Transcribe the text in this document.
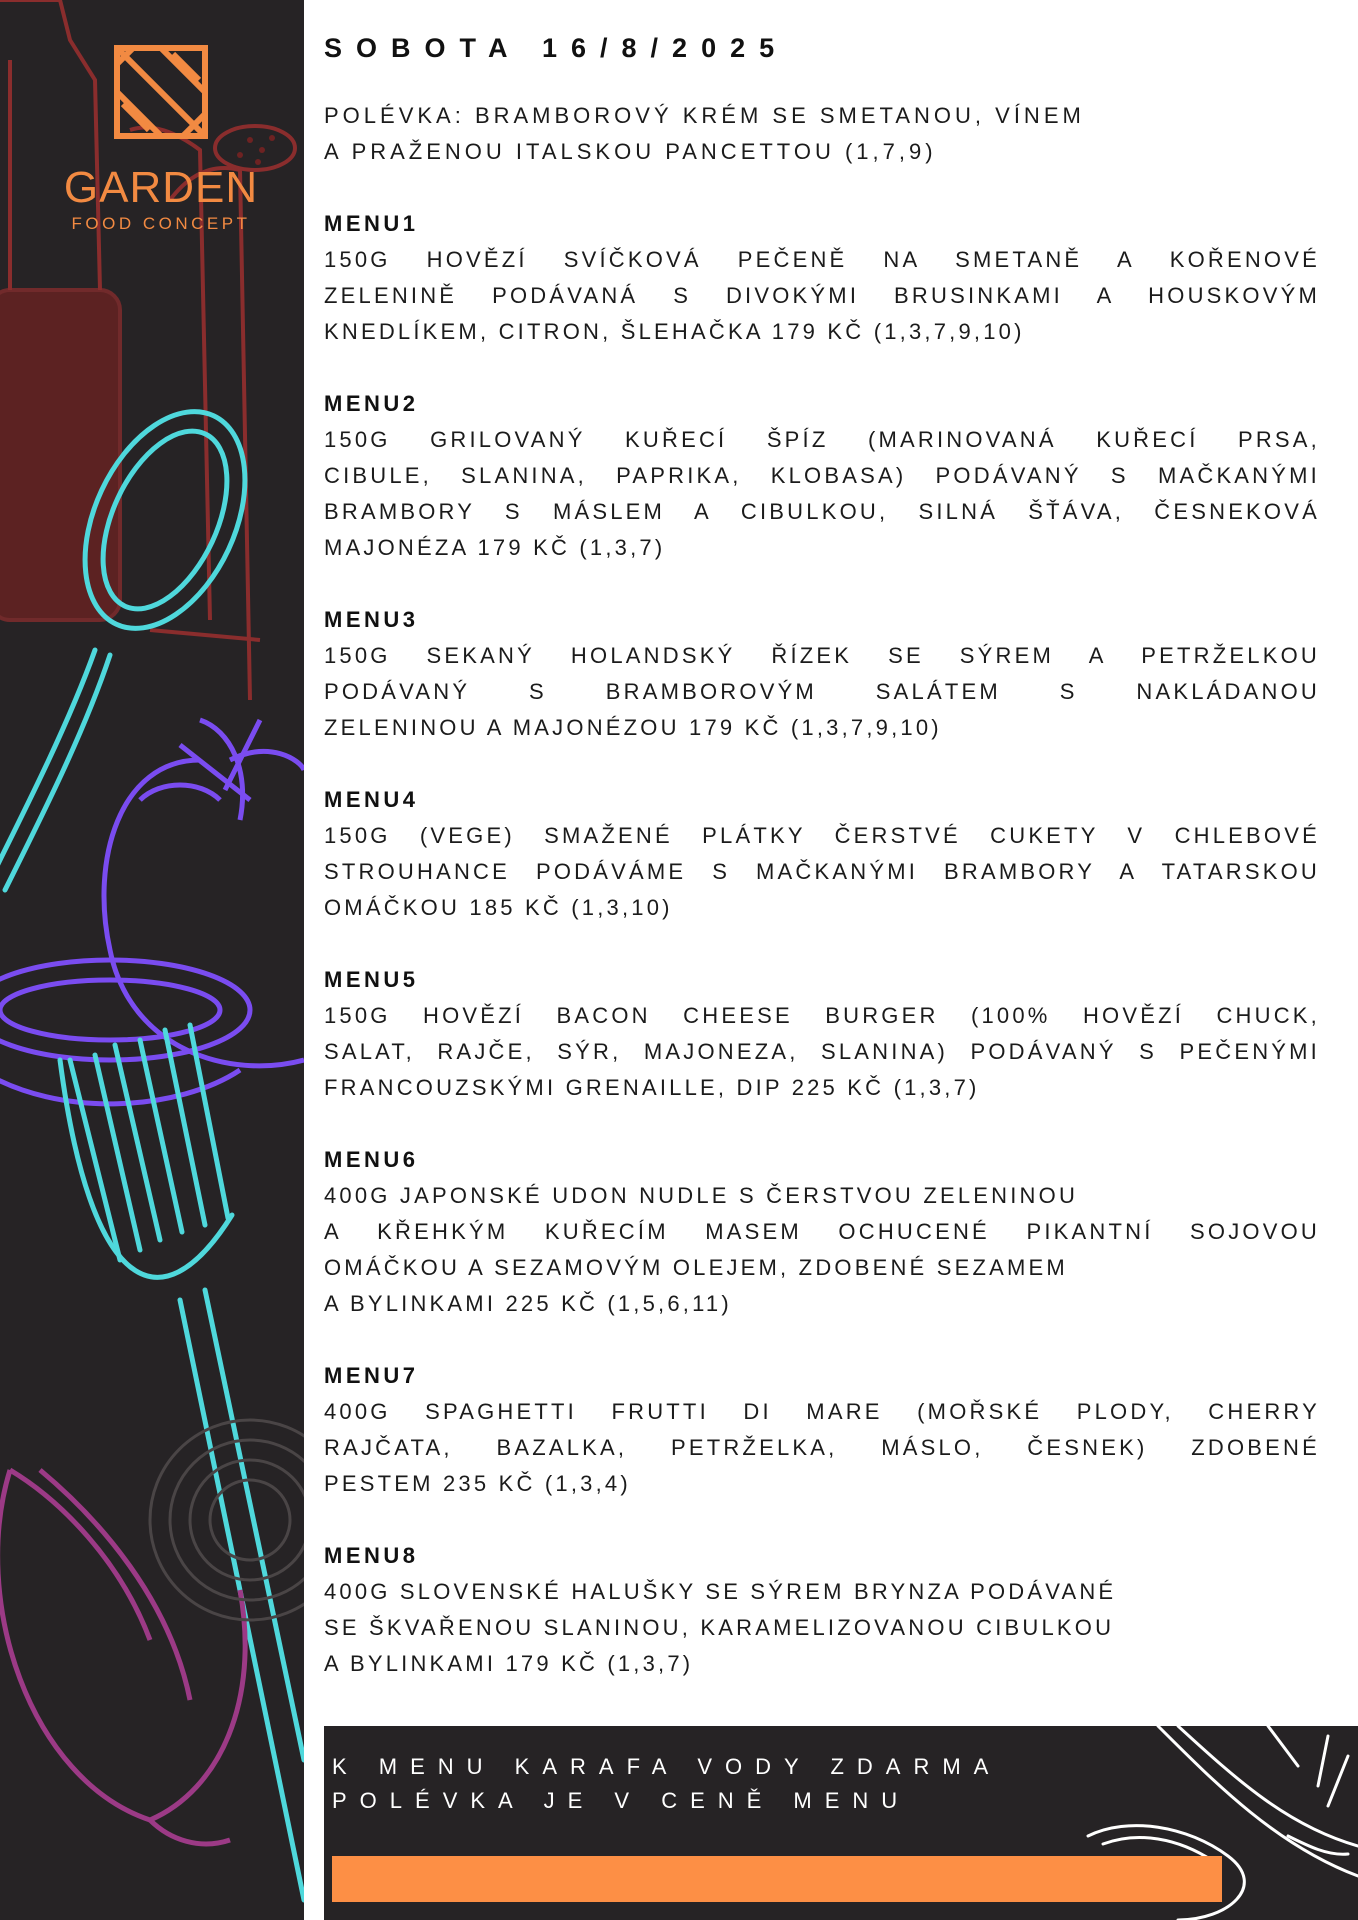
GARDEN
FOOD CONCEPT
SOBOTA 16/8/2025
POLÉVKA: BRAMBOROVÝ KRÉM SE SMETANOU, VÍNEM
A PRAŽENOU ITALSKOU PANCETTOU (1,7,9)
MENU1
150G HOVĚZÍ SVÍČKOVÁ PEČENĚ NA SMETANĚ A KOŘENOVÉ
ZELENINĚ PODÁVANÁ S DIVOKÝMI BRUSINKAMI A HOUSKOVÝM
KNEDLÍKEM, CITRON, ŠLEHAČKA 179 KČ (1,3,7,9,10)
MENU2
150G GRILOVANÝ KUŘECÍ ŠPÍZ (MARINOVANÁ KUŘECÍ PRSA,
CIBULE, SLANINA, PAPRIKA, KLOBASA) PODÁVANÝ S MAČKANÝMI
BRAMBORY S MÁSLEM A CIBULKOU, SILNÁ ŠŤÁVA, ČESNEKOVÁ
MAJONÉZA 179 KČ (1,3,7)
MENU3
150G SEKANÝ HOLANDSKÝ ŘÍZEK SE SÝREM A PETRŽELKOU
PODÁVANÝ S BRAMBOROVÝM SALÁTEM S NAKLÁDANOU
ZELENINOU A MAJONÉZOU 179 KČ (1,3,7,9,10)
MENU4
150G (VEGE) SMAŽENÉ PLÁTKY ČERSTVÉ CUKETY V CHLEBOVÉ
STROUHANCE PODÁVÁME S MAČKANÝMI BRAMBORY A TATARSKOU
OMÁČKOU 185 KČ (1,3,10)
MENU5
150G HOVĚZÍ BACON CHEESE BURGER (100% HOVĚZÍ CHUCK,
SALAT, RAJČE, SÝR, MAJONEZA, SLANINA) PODÁVANÝ S PEČENÝMI
FRANCOUZSKÝMI GRENAILLE, DIP 225 KČ (1,3,7)
MENU6
400G JAPONSKÉ UDON NUDLE S ČERSTVOU ZELENINOU
A KŘEHKÝM KUŘECÍM MASEM OCHUCENÉ PIKANTNÍ SOJOVOU
OMÁČKOU A SEZAMOVÝM OLEJEM, ZDOBENÉ SEZAMEM
A BYLINKAMI 225 KČ (1,5,6,11)
MENU7
400G SPAGHETTI FRUTTI DI MARE (MOŘSKÉ PLODY, CHERRY
RAJČATA, BAZALKA, PETRŽELKA, MÁSLO, ČESNEK) ZDOBENÉ
PESTEM 235 KČ (1,3,4)
MENU8
400G SLOVENSKÉ HALUŠKY SE SÝREM BRYNZA PODÁVANÉ
SE ŠKVAŘENOU SLANINOU, KARAMELIZOVANOU CIBULKOU
A BYLINKAMI 179 KČ (1,3,7)
K MENU KARAFA VODY ZDARMA
POLÉVKA JE V CENĚ MENU
